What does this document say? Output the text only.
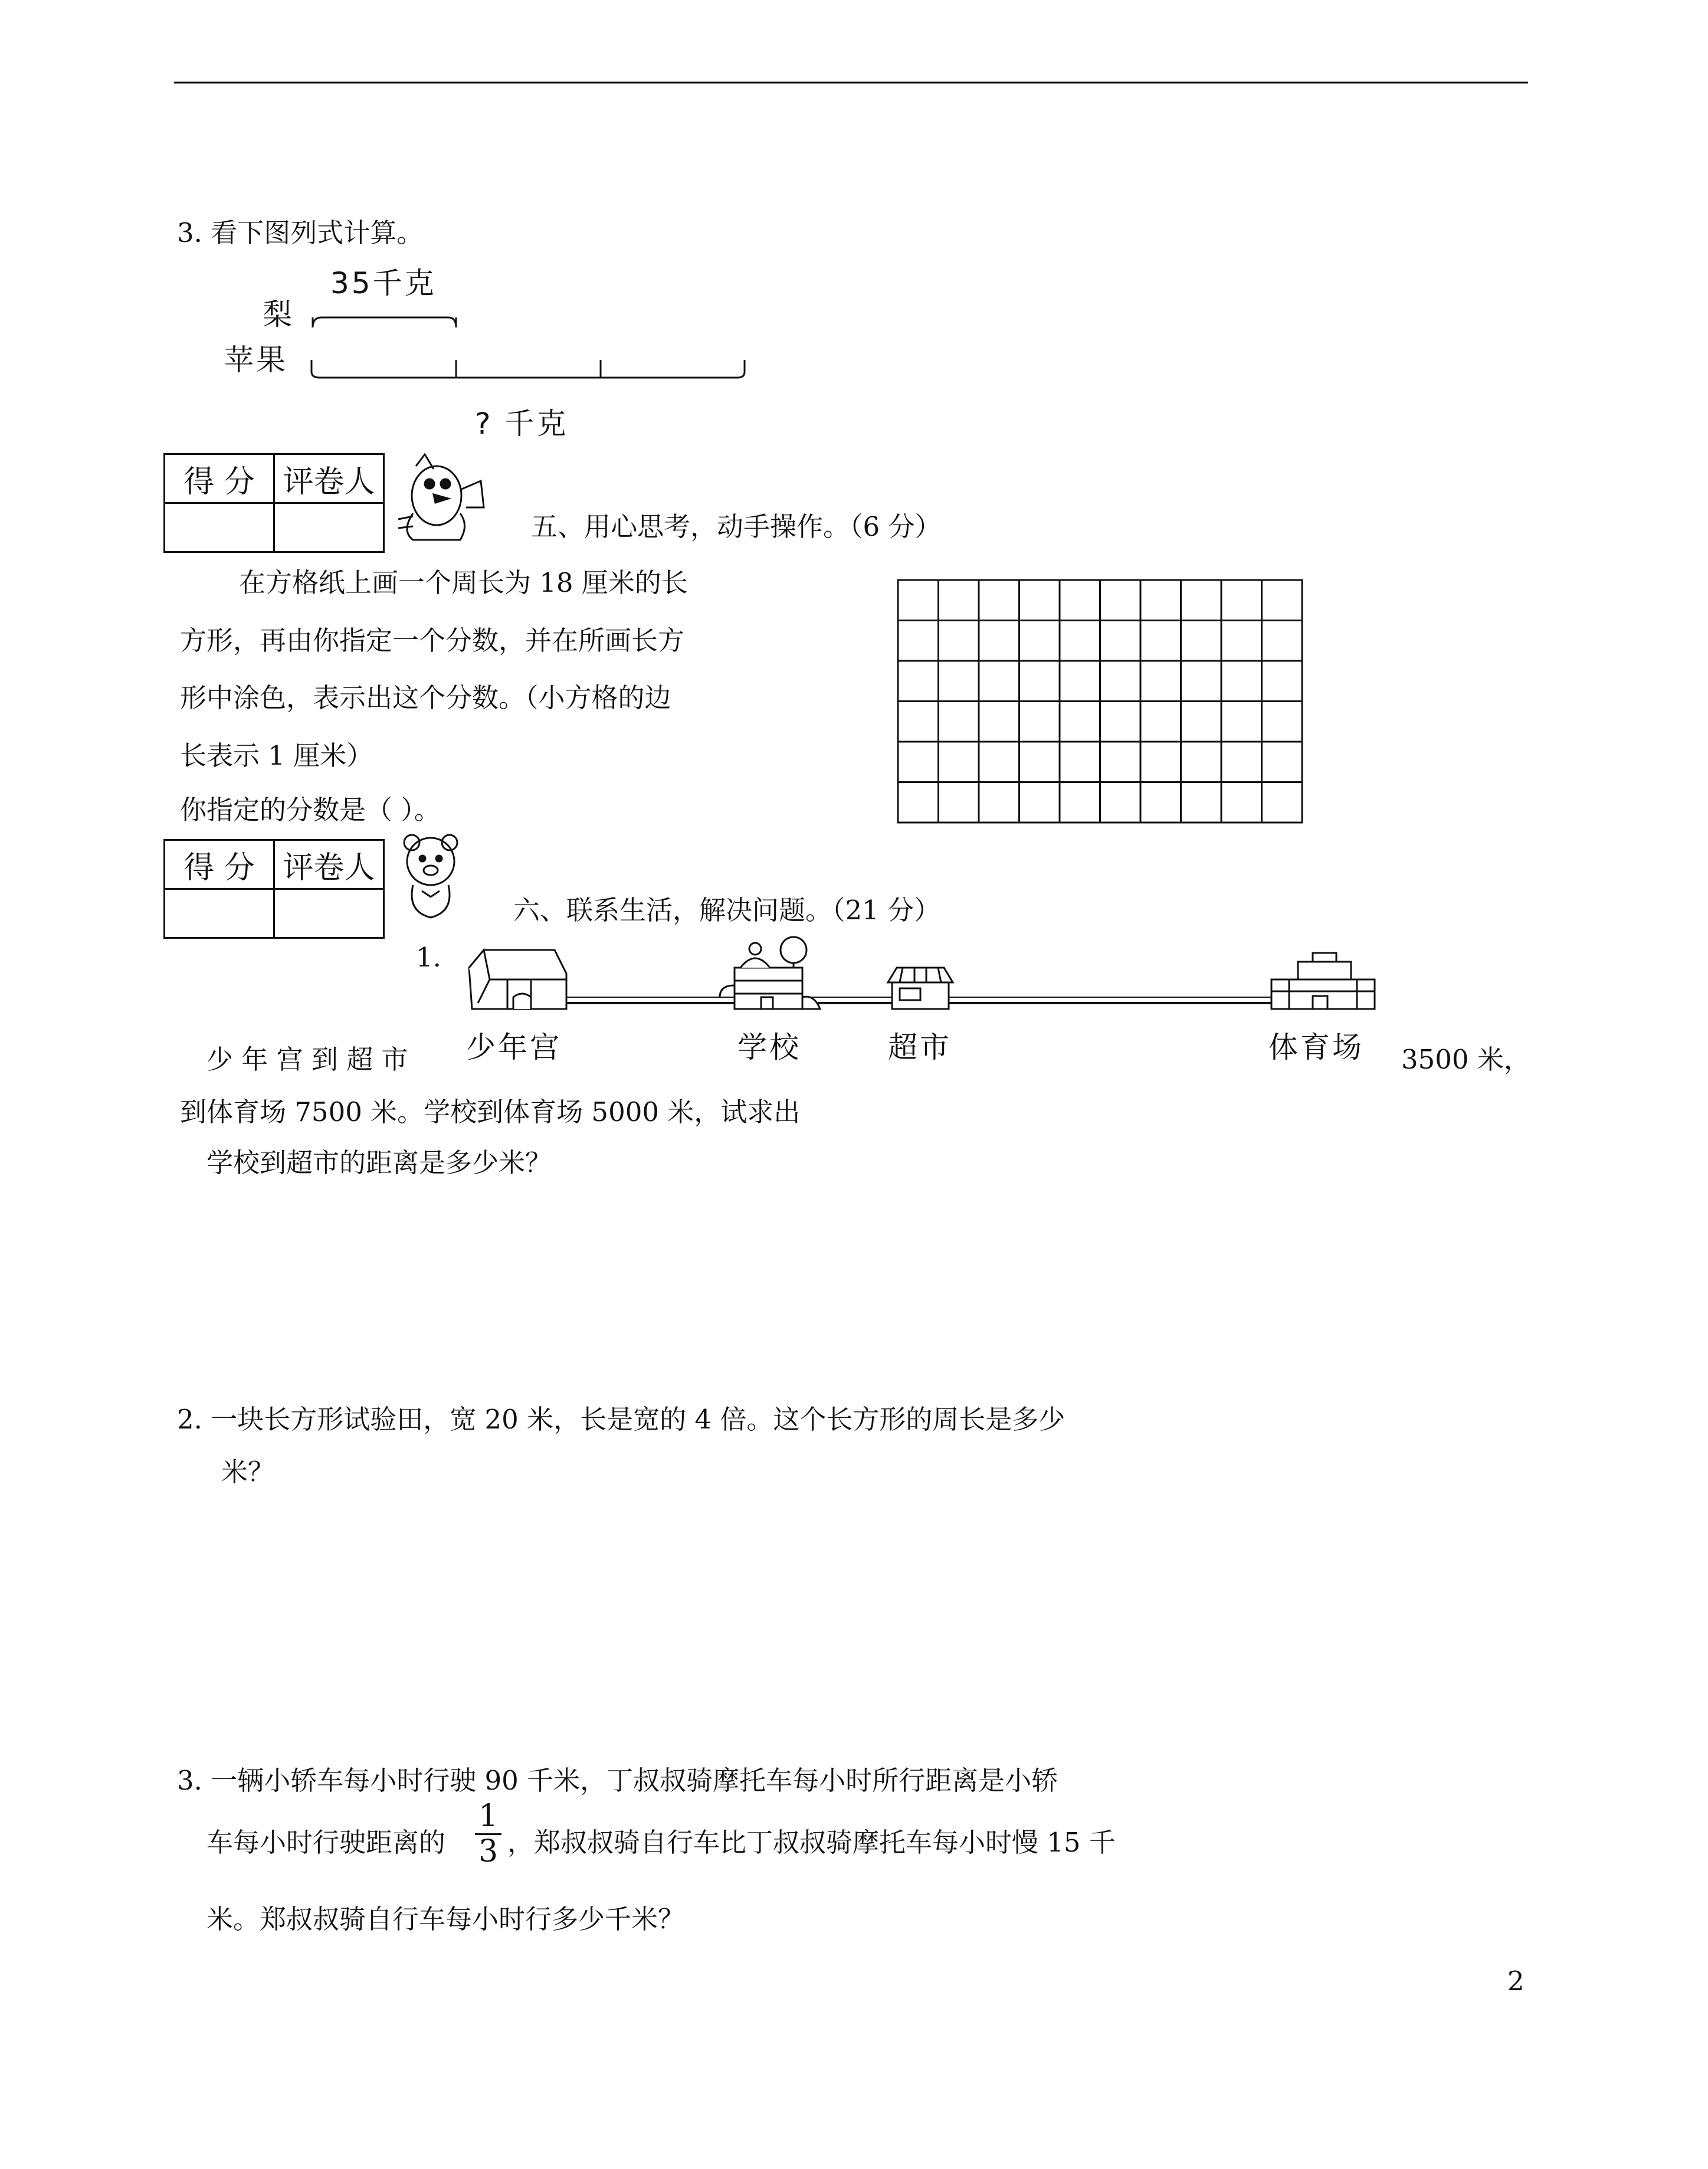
3. 看下图列式计算。
35千克
梨
苹果
? 千克
得 分	评卷人

五、用心思考，动手操作。（6 分）
在方格纸上画一个周长为 18 厘米的长
方形，再由你指定一个分数，并在所画长方
形中涂色，表示出这个分数。（小方格的边
长表示 1 厘米）
你指定的分数是（ ）。
得 分	评卷人

六、联系生活，解决问题。（21 分）
1.
少年宫	学校	超市	体育场
少 年 宫 到 超 市	3500 米，
到体育场 7500 米。学校到体育场 5000 米，试求出
学校到超市的距离是多少米？
2. 一块长方形试验田，宽 20 米，长是宽的 4 倍。这个长方形的周长是多少
米？
3. 一辆小轿车每小时行驶 90 千米，丁叔叔骑摩托车每小时所行距离是小轿
车每小时行驶距离的 $\frac{1}{3}$ ，郑叔叔骑自行车比丁叔叔骑摩托车每小时慢 15 千
米。郑叔叔骑自行车每小时行多少千米？
2
